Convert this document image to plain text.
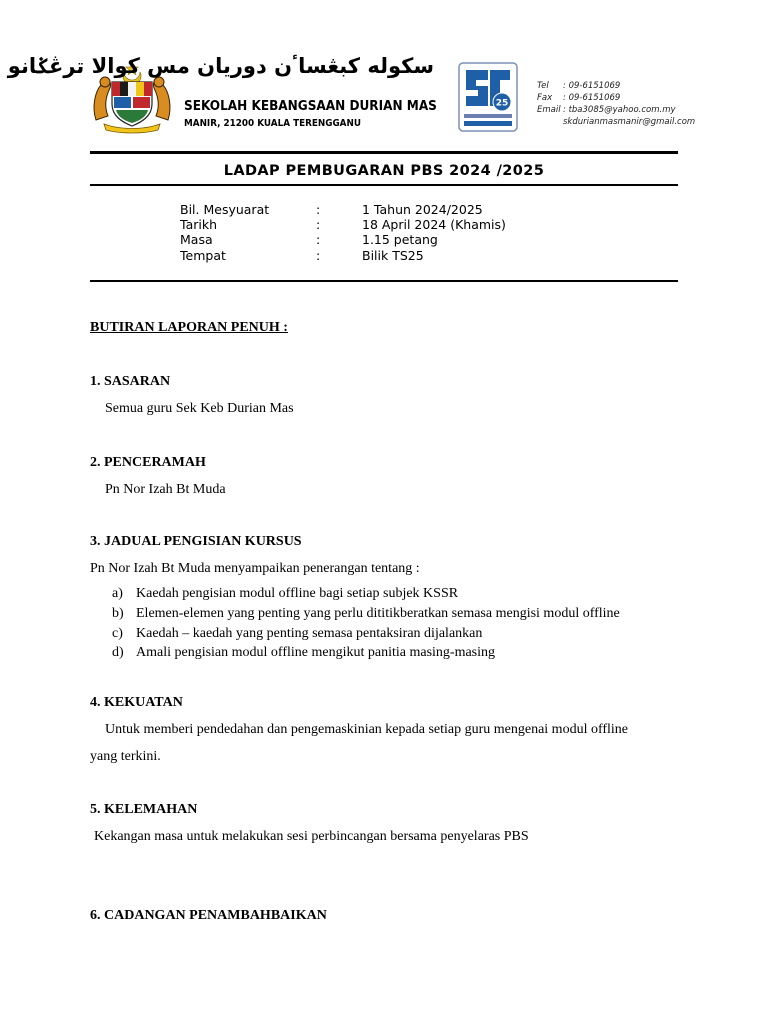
سکوله کبڠساٴن دوريان مس کوالا ترڠݢانو
SEKOLAH KEBANGSAAN DURIAN MAS
MANIR, 21200 KUALA TERENGGANU
25
Tel : 09-6151069
Fax : 09-6151069
Email : tba3085@yahoo.com.my
skdurianmasmanir@gmail.com
LADAP PEMBUGARAN PBS 2024 /2025
Bil. Mesyuarat	:	1 Tahun 2024/2025
Tarikh	:	18 April 2024 (Khamis)
Masa	:	1.15 petang
Tempat	:	Bilik TS25
BUTIRAN LAPORAN PENUH :
1. SASARAN
Semua guru Sek Keb Durian Mas
2. PENCERAMAH
Pn Nor Izah Bt Muda
3. JADUAL PENGISIAN KURSUS
Pn Nor Izah Bt Muda menyampaikan penerangan tentang :
a) Kaedah pengisian modul offline bagi setiap subjek KSSR
b) Elemen-elemen yang penting yang perlu dititikberatkan semasa mengisi modul offline
c) Kaedah – kaedah yang penting semasa pentaksiran dijalankan
d) Amali pengisian modul offline mengikut panitia masing-masing
4. KEKUATAN
Untuk memberi pendedahan dan pengemaskinian kepada setiap guru mengenai modul offline
yang terkini.
5. KELEMAHAN
Kekangan masa untuk melakukan sesi perbincangan bersama penyelaras PBS
6. CADANGAN PENAMBAHBAIKAN
